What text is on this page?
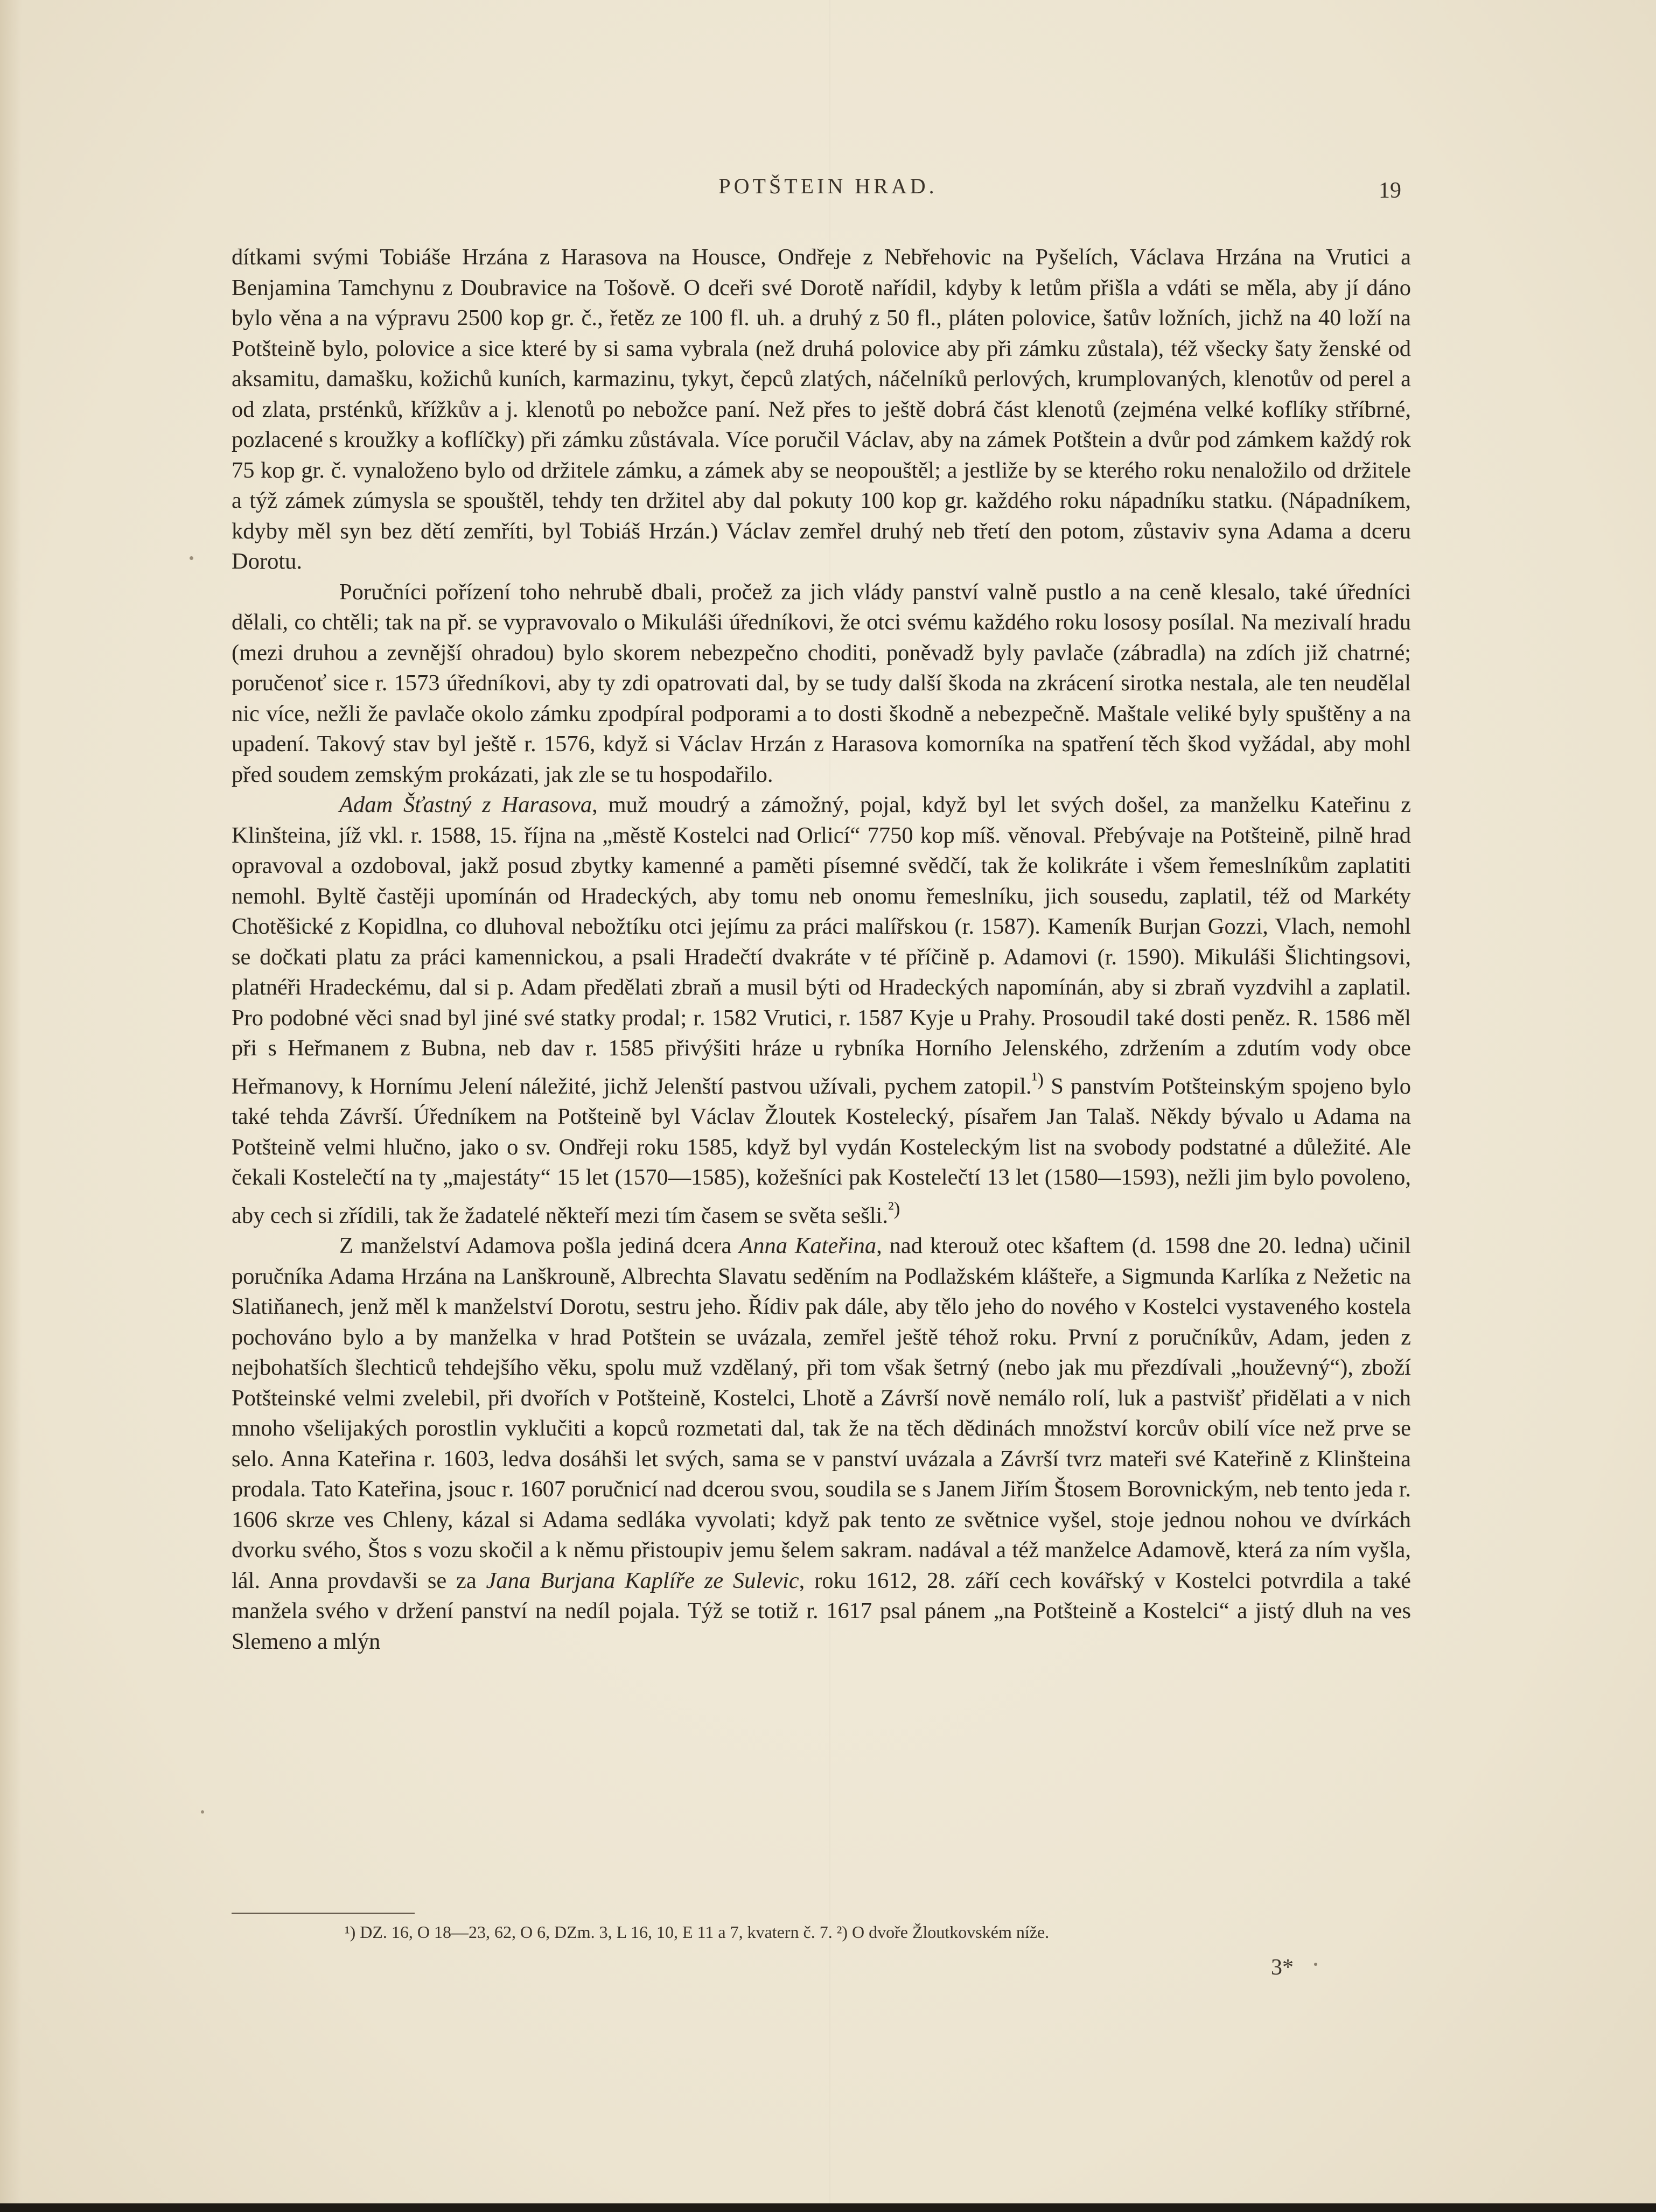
POTŠTEIN HRAD.	19

dítkami svými Tobiáše Hrzána z Harasova na Housce, Ondřeje z Nebřehovic na Pyšelích, Václava Hrzána na Vrutici a Benjamina Tamchynu z Doubravice na Tošově. O dceři své Dorotě nařídil, kdyby k letům přišla a vdáti se měla, aby jí dáno bylo věna a na výpravu 2500 kop gr. č., řetěz ze 100 fl. uh. a druhý z 50 fl., pláten polovice, šatův ložních, jichž na 40 loží na Potšteině bylo, polovice a sice které by si sama vybrala (než druhá polovice aby při zámku zůstala), též všecky šaty ženské od aksamitu, damašku, kožichů kuních, karmazinu, tykyt, čepců zlatých, náčelníků perlových, krumplovaných, klenotův od perel a od zlata, prsténků, křížkův a j. klenotů po nebožce paní. Než přes to ještě dobrá část klenotů (zejména velké koflíky stříbrné, pozlacené s kroužky a koflíčky) při zámku zůstávala. Více poručil Václav, aby na zámek Potštein a dvůr pod zámkem každý rok 75 kop gr. č. vynaloženo bylo od držitele zámku, a zámek aby se neopouštěl; a jestliže by se kterého roku nenaložilo od držitele a týž zámek zúmysla se spouštěl, tehdy ten držitel aby dal pokuty 100 kop gr. každého roku nápadníku statku. (Nápadníkem, kdyby měl syn bez dětí zemříti, byl Tobiáš Hrzán.) Václav zemřel druhý neb třetí den potom, zůstaviv syna Adama a dceru Dorotu.

Poručníci pořízení toho nehrubě dbali, pročež za jich vlády panství valně pustlo a na ceně klesalo, také úředníci dělali, co chtěli; tak na př. se vypravovalo o Mikuláši úředníkovi, že otci svému každého roku lososy posílal. Na mezivalí hradu (mezi druhou a zevnější ohradou) bylo skorem nebezpečno choditi, poněvadž byly pavlače (zábradla) na zdích již chatrné; poručenoť sice r. 1573 úředníkovi, aby ty zdi opatrovati dal, by se tudy další škoda na zkrácení sirotka nestala, ale ten neudělal nic více, nežli že pavlače okolo zámku zpodpíral podporami a to dosti škodně a nebezpečně. Maštale veliké byly spuštěny a na upadení. Takový stav byl ještě r. 1576, když si Václav Hrzán z Harasova komorníka na spatření těch škod vyžádal, aby mohl před soudem zemským prokázati, jak zle se tu hospodařilo.

Adam Šťastný z Harasova, muž moudrý a zámožný, pojal, když byl let svých došel, za manželku Kateřinu z Klinšteina, jíž vkl. r. 1588, 15. října na „městě Kostelci nad Orlicí“ 7750 kop míš. věnoval. Přebývaje na Potšteině, pilně hrad opravoval a ozdoboval, jakž posud zbytky kamenné a paměti písemné svědčí, tak že kolikráte i všem řemeslníkům zaplatiti nemohl. Byltě častěji upomínán od Hradeckých, aby tomu neb onomu řemeslníku, jich sousedu, zaplatil, též od Markéty Chotěšické z Kopidlna, co dluhoval nebožtíku otci jejímu za práci malířskou (r. 1587). Kameník Burjan Gozzi, Vlach, nemohl se dočkati platu za práci kamennickou, a psali Hradečtí dvakráte v té příčině p. Adamovi (r. 1590). Mikuláši Šlichtingsovi, platnéři Hradeckému, dal si p. Adam předělati zbraň a musil býti od Hradeckých napomínán, aby si zbraň vyzdvihl a zaplatil. Pro podobné věci snad byl jiné své statky prodal; r. 1582 Vrutici, r. 1587 Kyje u Prahy. Prosoudil také dosti peněz. R. 1586 měl při s Heřmanem z Bubna, neb dav r. 1585 přivýšiti hráze u rybníka Horního Jelenského, zdržením a zdutím vody obce Heřmanovy, k Hornímu Jelení náležité, jichž Jelenští pastvou užívali, pychem zatopil.$^{^1)}$ S panstvím Potšteinským spojeno bylo také tehda Závrší. Úředníkem na Potšteině byl Václav Žloutek Kostelecký, písařem Jan Talaš. Někdy bývalo u Adama na Potšteině velmi hlučno, jako o sv. Ondřeji roku 1585, když byl vydán Kosteleckým list na svobody podstatné a důležité. Ale čekali Kostelečtí na ty „majestáty“ 15 let (1570—1585), kožešníci pak Kostelečtí 13 let (1580—1593), nežli jim bylo povoleno, aby cech si zřídili, tak že žadatelé někteří mezi tím časem se světa sešli.$^{^2)}$

Z manželství Adamova pošla jediná dcera Anna Kateřina, nad kterouž otec kšaftem (d. 1598 dne 20. ledna) učinil poručníka Adama Hrzána na Lanškrouně, Albrechta Slavatu seděním na Podlažském klášteře, a Sigmunda Karlíka z Nežetic na Slatiňanech, jenž měl k manželství Dorotu, sestru jeho. Řídiv pak dále, aby tělo jeho do nového v Kostelci vystaveného kostela pochováno bylo a by manželka v hrad Potštein se uvázala, zemřel ještě téhož roku. První z poručníkův, Adam, jeden z nejbohatších šlechticů tehdejšího věku, spolu muž vzdělaný, při tom však šetrný (nebo jak mu přezdívali „houževný“), zboží Potšteinské velmi zvelebil, při dvořích v Potšteině, Kostelci, Lhotě a Závrší nově nemálo rolí, luk a pastvišť přidělati a v nich mnoho všelijakých porostlin vyklučiti a kopců rozmetati dal, tak že na těch dědinách množství korcův obilí více než prve se selo. Anna Kateřina r. 1603, ledva dosáhši let svých, sama se v panství uvázala a Závrší tvrz mateři své Kateřině z Klinšteina prodala. Tato Kateřina, jsouc r. 1607 poručnicí nad dcerou svou, soudila se s Janem Jiřím Štosem Borovnickým, neb tento jeda r. 1606 skrze ves Chleny, kázal si Adama sedláka vyvolati; když pak tento ze světnice vyšel, stoje jednou nohou ve dvírkách dvorku svého, Štos s vozu skočil a k němu přistoupiv jemu šelem sakram. nadával a též manželce Adamově, která za ním vyšla, lál. Anna provdavši se za Jana Burjana Kaplíře ze Sulevic, roku 1612, 28. září cech kovářský v Kostelci potvrdila a také manžela svého v držení panství na nedíl pojala. Týž se totiž r. 1617 psal pánem „na Potšteině a Kostelci“ a jistý dluh na ves Slemeno a mlýn

¹) DZ. 16, O 18—23, 62, O 6, DZm. 3, L 16, 10, E 11 a 7, kvatern č. 7. ²) O dvoře Žloutkovském níže.
3*
